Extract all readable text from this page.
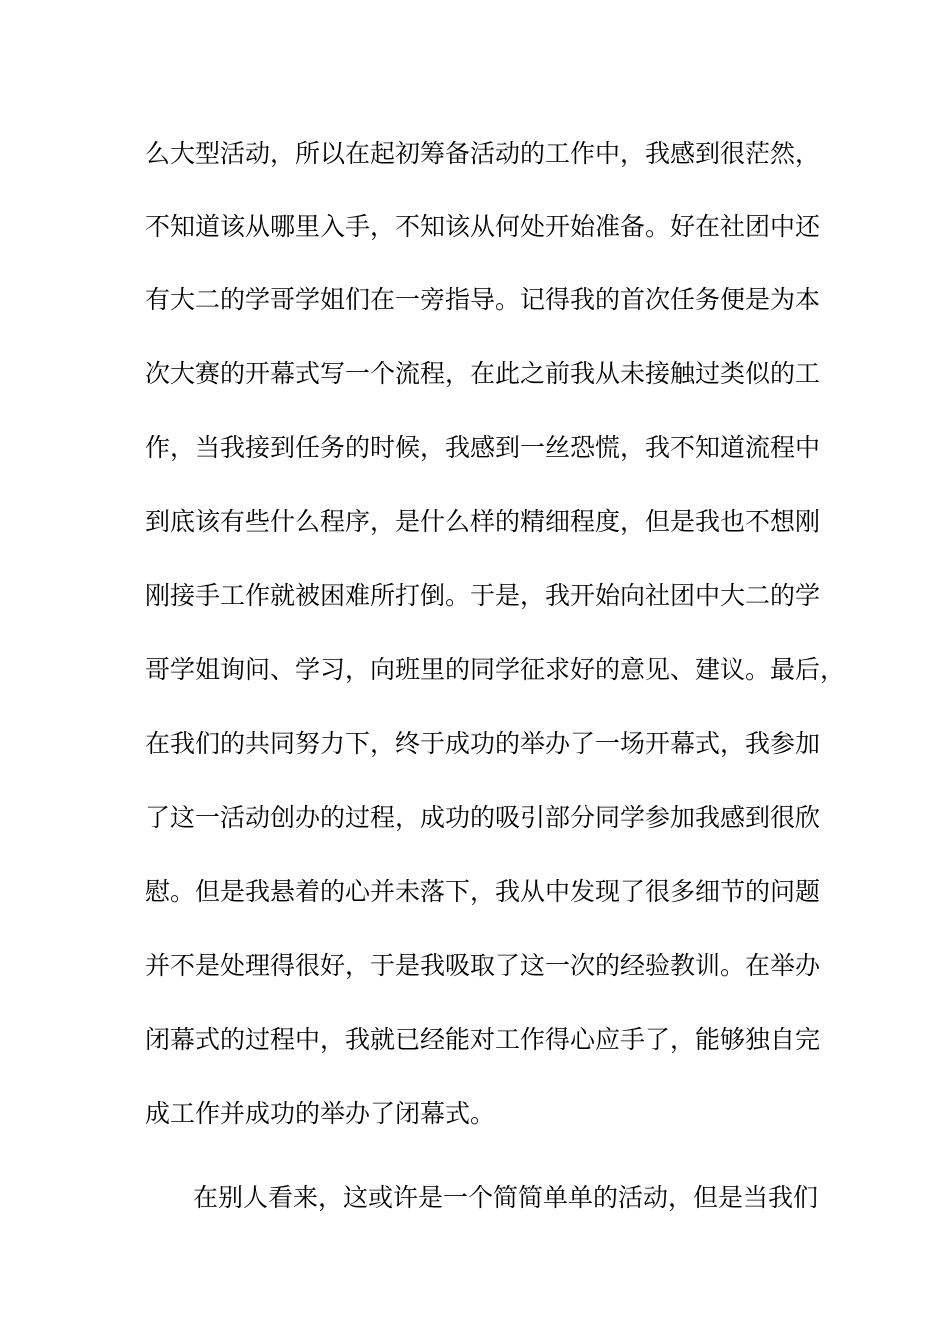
么大型活动，所以在起初筹备活动的工作中，我感到很茫然，
不知道该从哪里入手，不知该从何处开始准备。好在社团中还
有大二的学哥学姐们在一旁指导。记得我的首次任务便是为本
次大赛的开幕式写一个流程，在此之前我从未接触过类似的工
作，当我接到任务的时候，我感到一丝恐慌，我不知道流程中
到底该有些什么程序，是什么样的精细程度，但是我也不想刚
刚接手工作就被困难所打倒。于是，我开始向社团中大二的学
哥学姐询问、学习，向班里的同学征求好的意见、建议。最后，
在我们的共同努力下，终于成功的举办了一场开幕式，我参加
了这一活动创办的过程，成功的吸引部分同学参加我感到很欣
慰。但是我悬着的心并未落下，我从中发现了很多细节的问题
并不是处理得很好，于是我吸取了这一次的经验教训。在举办
闭幕式的过程中，我就已经能对工作得心应手了，能够独自完
成工作并成功的举办了闭幕式。
在别人看来，这或许是一个简简单单的活动，但是当我们
